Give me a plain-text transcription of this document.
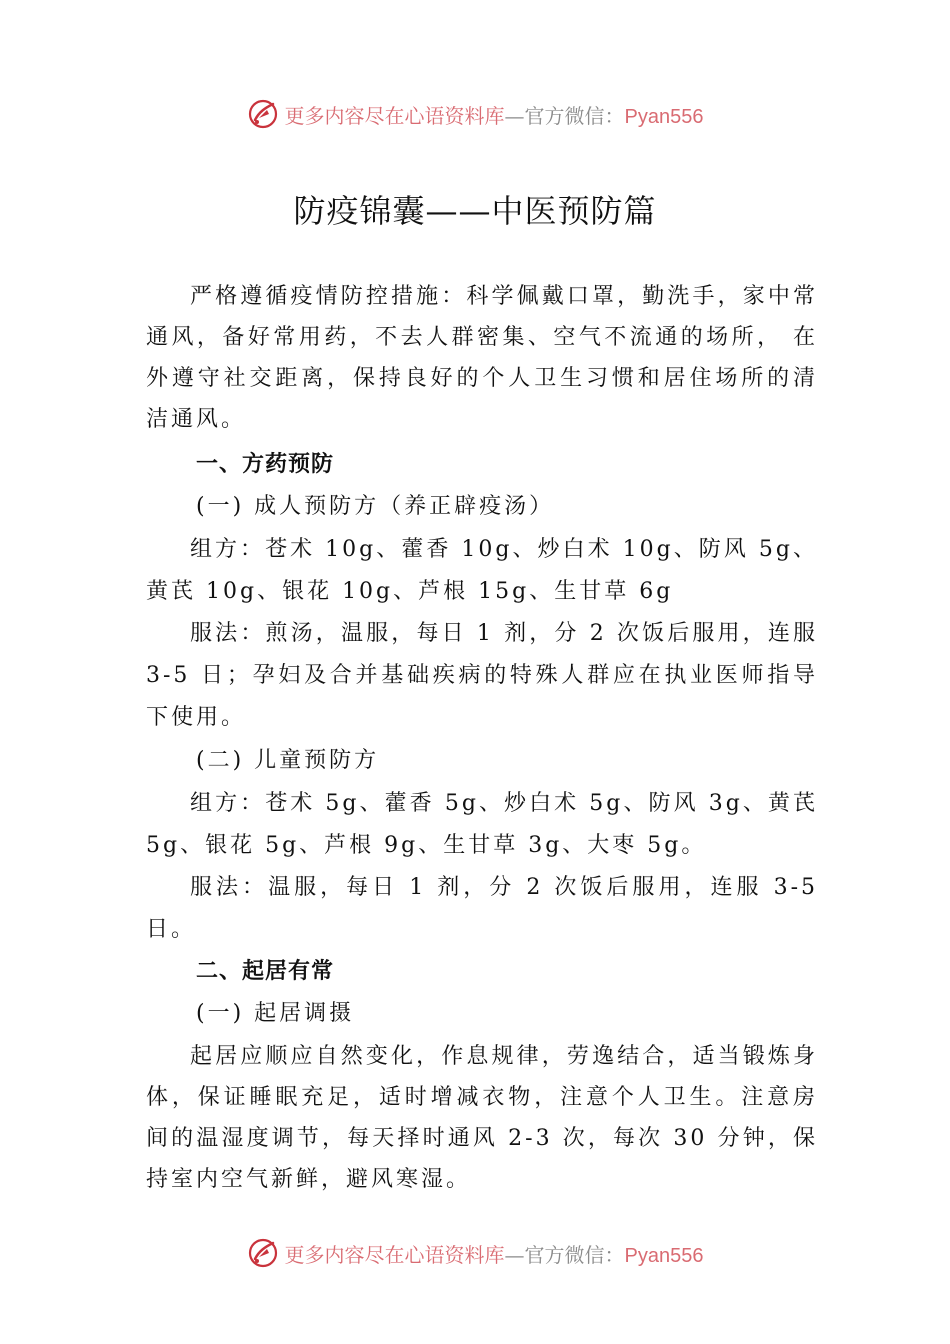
更多内容尽在心语资料库—官方微信：Pyan556
防疫锦囊——中医预防篇

严格遵循疫情防控措施：科学佩戴口罩，勤洗手，家中常通风，备好常用药，不去人群密集、空气不流通的场所， 在外遵守社交距离，保持良好的个人卫生习惯和居住场所的清洁通风。

一、方药预防

(一) 成人预防方（养正辟疫汤）

组方：苍术 10g、藿香 10g、炒白术 10g、防风 5g、黄芪 10g、银花 10g、芦根 15g、生甘草 6g

服法：煎汤，温服，每日 1 剂，分 2 次饭后服用，连服 3-5 日；孕妇及合并基础疾病的特殊人群应在执业医师指导下使用。

(二) 儿童预防方

组方：苍术 5g、藿香 5g、炒白术 5g、防风 3g、黄芪 5g、银花 5g、芦根 9g、生甘草 3g、大枣 5g。

服法：温服，每日 1 剂，分 2 次饭后服用，连服 3-5 日。

二、起居有常

(一) 起居调摄

起居应顺应自然变化，作息规律，劳逸结合，适当锻炼身体，保证睡眠充足，适时增减衣物，注意个人卫生。注意房间的温湿度调节，每天择时通风 2-3 次，每次 30 分钟，保持室内空气新鲜，避风寒湿。

更多内容尽在心语资料库—官方微信：Pyan556
